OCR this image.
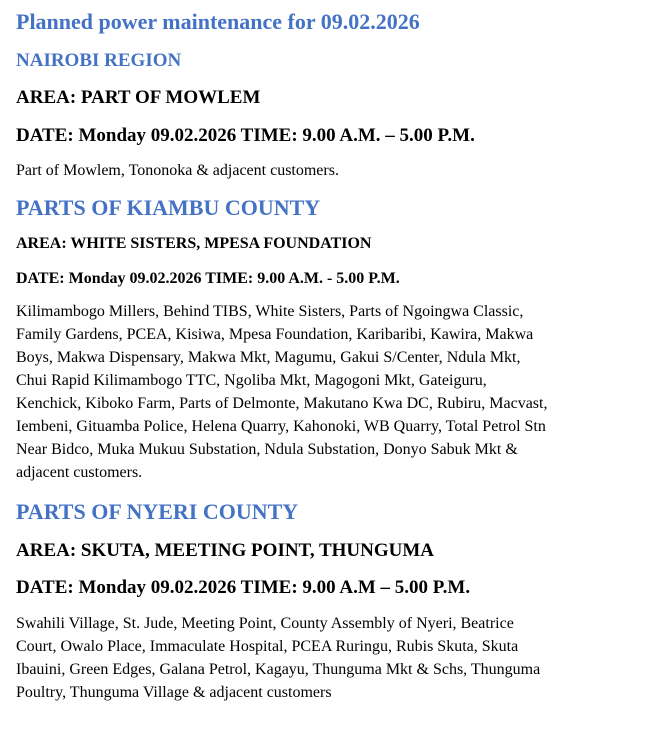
Planned power maintenance for 09.02.2026
NAIROBI REGION
AREA: PART OF MOWLEM
DATE: Monday 09.02.2026 TIME: 9.00 A.M. – 5.00 P.M.
Part of Mowlem, Tononoka & adjacent customers.
PARTS OF KIAMBU COUNTY
AREA: WHITE SISTERS, MPESA FOUNDATION
DATE: Monday 09.02.2026 TIME: 9.00 A.M. - 5.00 P.M.
Kilimambogo Millers, Behind TIBS, White Sisters, Parts of Ngoingwa Classic,
Family Gardens, PCEA, Kisiwa, Mpesa Foundation, Karibaribi, Kawira, Makwa
Boys, Makwa Dispensary, Makwa Mkt, Magumu, Gakui S/Center, Ndula Mkt,
Chui Rapid Kilimambogo TTC, Ngoliba Mkt, Magogoni Mkt, Gateiguru,
Kenchick, Kiboko Farm, Parts of Delmonte, Makutano Kwa DC, Rubiru, Macvast,
Iembeni, Gituamba Police, Helena Quarry, Kahonoki, WB Quarry, Total Petrol Stn
Near Bidco, Muka Mukuu Substation, Ndula Substation, Donyo Sabuk Mkt &
adjacent customers.
PARTS OF NYERI COUNTY
AREA: SKUTA, MEETING POINT, THUNGUMA
DATE: Monday 09.02.2026 TIME: 9.00 A.M – 5.00 P.M.
Swahili Village, St. Jude, Meeting Point, County Assembly of Nyeri, Beatrice
Court, Owalo Place, Immaculate Hospital, PCEA Ruringu, Rubis Skuta, Skuta
Ibauini, Green Edges, Galana Petrol, Kagayu, Thunguma Mkt & Schs, Thunguma
Poultry, Thunguma Village & adjacent customers
